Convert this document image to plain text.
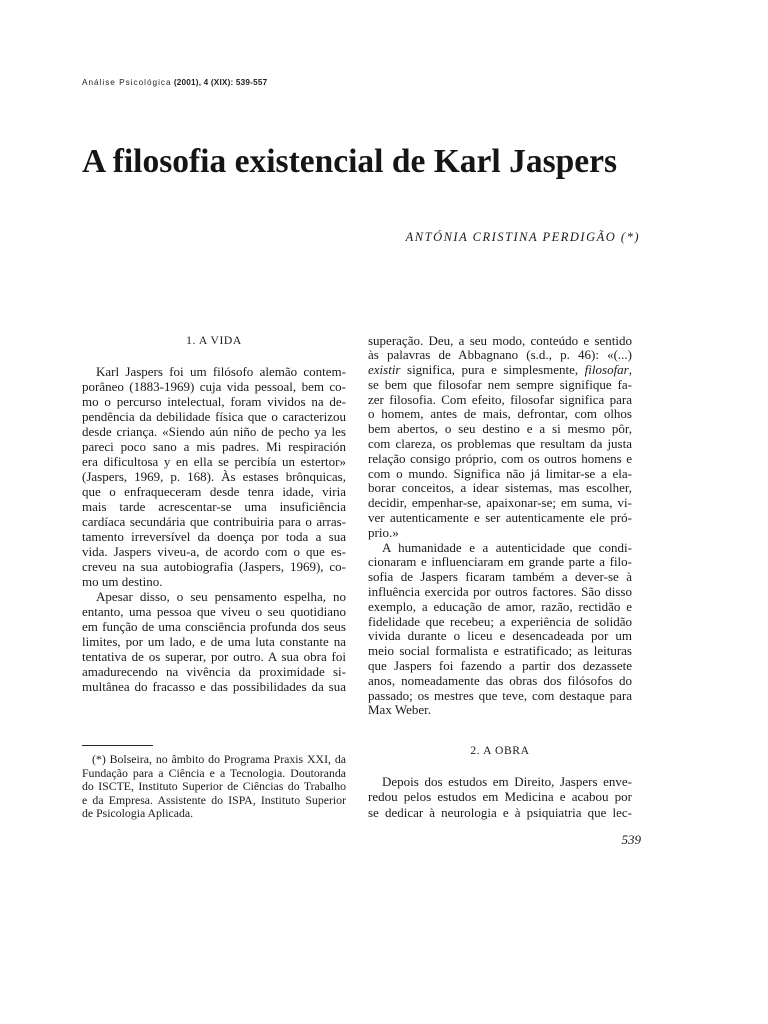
Análise Psicológica (2001), 4 (XIX): 539-557
A filosofia existencial de Karl Jaspers
ANTÓNIA CRISTINA PERDIGÃO (*)
1. A VIDA
Karl Jaspers foi um filósofo alemão contem-
porâneo (1883-1969) cuja vida pessoal, bem co-
mo o percurso intelectual, foram vividos na de-
pendência da debilidade física que o caracterizou
desde criança. «Siendo aún niño de pecho ya les
pareci poco sano a mis padres. Mi respiración
era dificultosa y en ella se percibía un estertor»
(Jaspers, 1969, p. 168). Às estases brônquicas,
que o enfraqueceram desde tenra idade, viria
mais tarde acrescentar-se uma insuficiência
cardíaca secundária que contribuiria para o arras-
tamento irreversível da doença por toda a sua
vida. Jaspers viveu-a, de acordo com o que es-
creveu na sua autobiografia (Jaspers, 1969), co-
mo um destino.
Apesar disso, o seu pensamento espelha, no
entanto, uma pessoa que viveu o seu quotidiano
em função de uma consciência profunda dos seus
limites, por um lado, e de uma luta constante na
tentativa de os superar, por outro. A sua obra foi
amadurecendo na vivência da proximidade si-
multânea do fracasso e das possibilidades da sua
(*) Bolseira, no âmbito do Programa Praxis XXI, da
Fundação para a Ciência e a Tecnologia. Doutoranda
do ISCTE, Instituto Superior de Ciências do Trabalho
e da Empresa. Assistente do ISPA, Instituto Superior
de Psicologia Aplicada.
superação. Deu, a seu modo, conteúdo e sentido
às palavras de Abbagnano (s.d., p. 46): «(...)
existir significa, pura e simplesmente, filosofar,
se bem que filosofar nem sempre signifique fa-
zer filosofia. Com efeito, filosofar significa para
o homem, antes de mais, defrontar, com olhos
bem abertos, o seu destino e a si mesmo pôr,
com clareza, os problemas que resultam da justa
relação consigo próprio, com os outros homens e
com o mundo. Significa não já limitar-se a ela-
borar conceitos, a idear sistemas, mas escolher,
decidir, empenhar-se, apaixonar-se; em suma, vi-
ver autenticamente e ser autenticamente ele pró-
prio.»
A humanidade e a autenticidade que condi-
cionaram e influenciaram em grande parte a filo-
sofia de Jaspers ficaram também a dever-se à
influência exercida por outros factores. São disso
exemplo, a educação de amor, razão, rectidão e
fidelidade que recebeu; a experiência de solidão
vivida durante o liceu e desencadeada por um
meio social formalista e estratificado; as leituras
que Jaspers foi fazendo a partir dos dezassete
anos, nomeadamente das obras dos filósofos do
passado; os mestres que teve, com destaque para
Max Weber.
2. A OBRA
Depois dos estudos em Direito, Jaspers enve-
redou pelos estudos em Medicina e acabou por
se dedicar à neurologia e à psiquiatria que lec-
539
